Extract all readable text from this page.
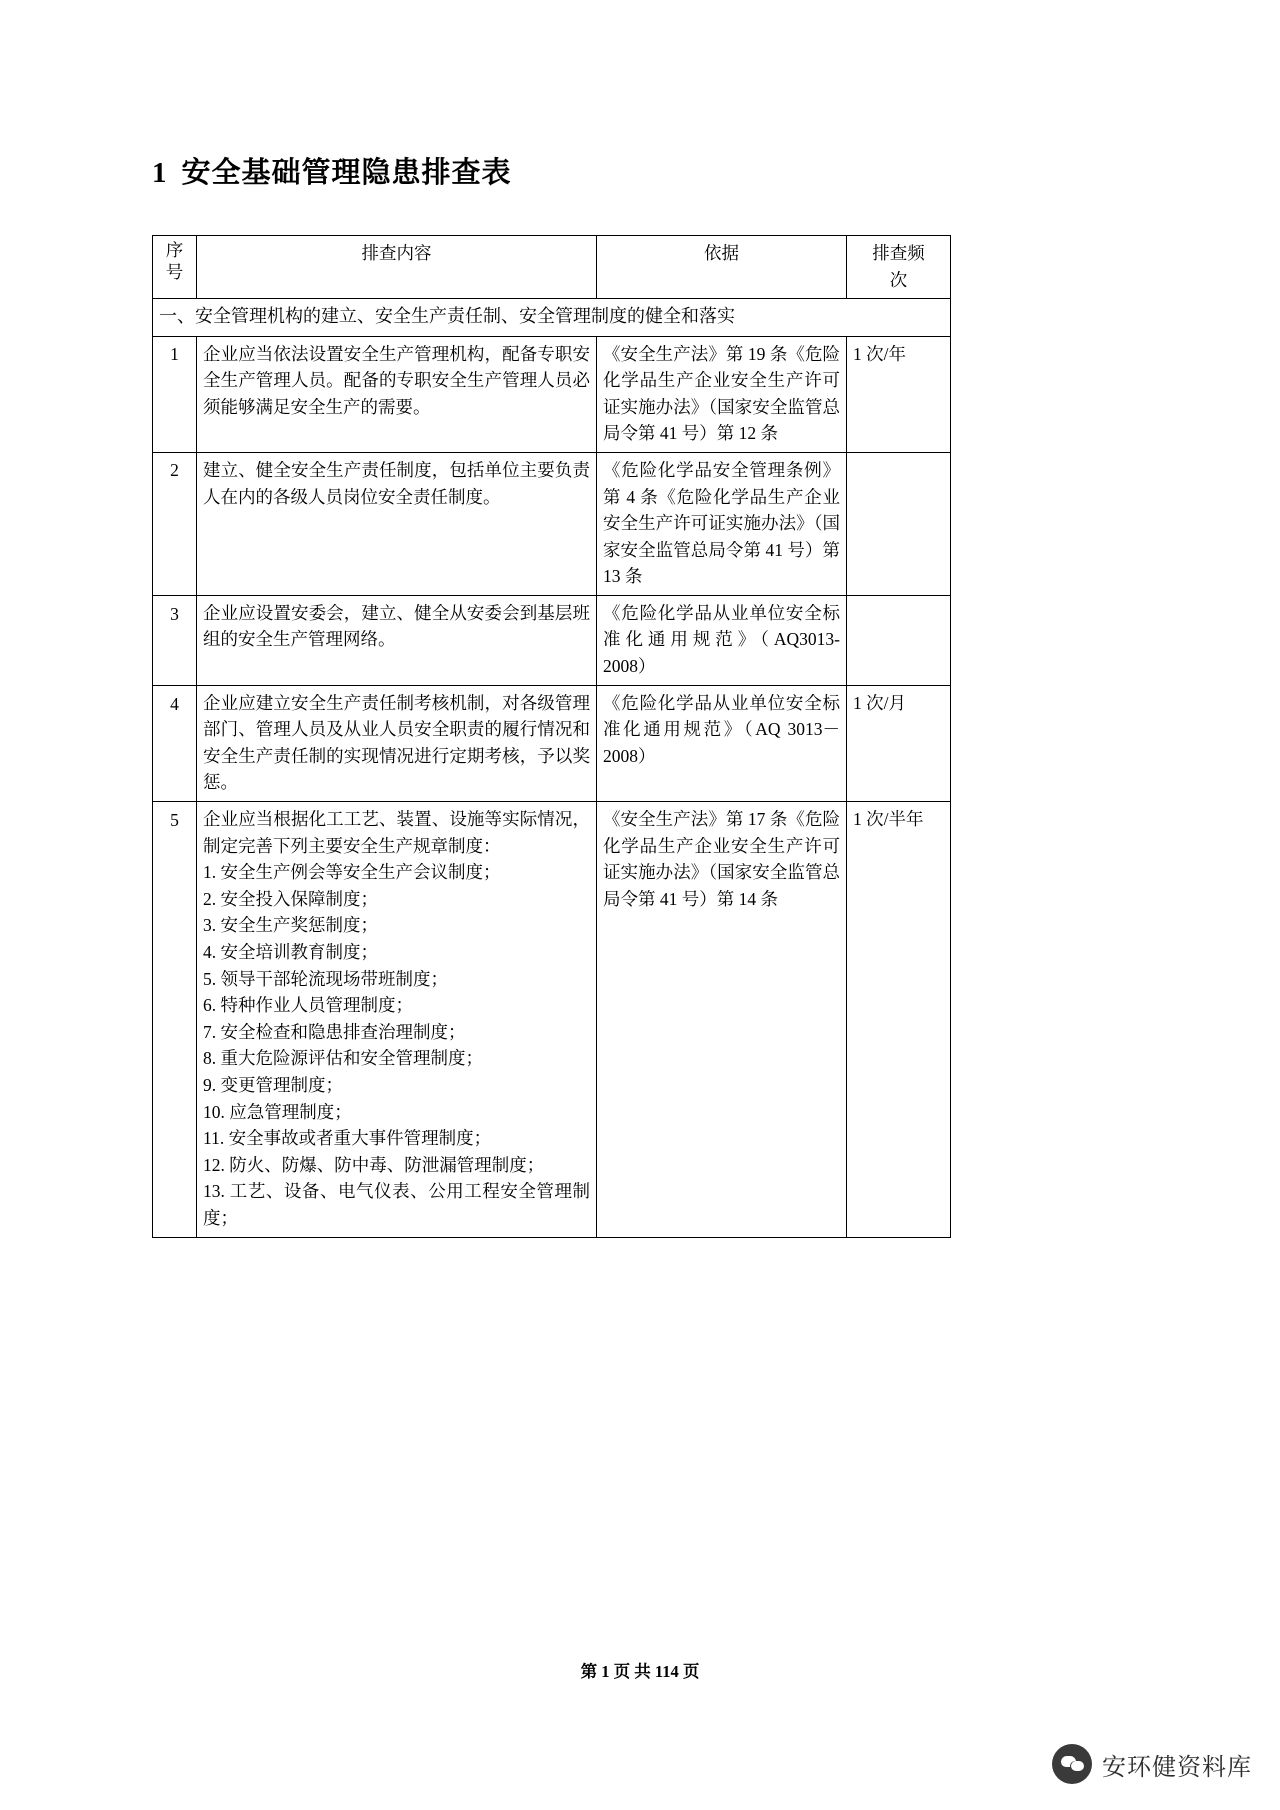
1 安全基础管理隐患排查表
序
号	排查内容	依据	排查频
次
一、安全管理机构的建立、安全生产责任制、安全管理制度的健全和落实			
1	企业应当依法设置安全生产管理机构，配备专职安全生产管理人员。配备的专职安全生产管理人员必须能够满足安全生产的需要。	《安全生产法》第 19 条《危险化学品生产企业安全生产许可证实施办法》（国家安全监管总局令第 41 号）第 12 条	1 次/年
2	建立、健全安全生产责任制度，包括单位主要负责人在内的各级人员岗位安全责任制度。	《危险化学品安全管理条例》第 4 条《危险化学品生产企业安全生产许可证实施办法》（国家安全监管总局令第 41 号）第 13 条	
3	企业应设置安委会，建立、健全从安委会到基层班组的安全生产管理网络。	《危险化学品从业单位安全标准化通用规范》（AQ3013-2008）	
4	企业应建立安全生产责任制考核机制，对各级管理部门、管理人员及从业人员安全职责的履行情况和安全生产责任制的实现情况进行定期考核，予以奖惩。	《危险化学品从业单位安全标准化通用规范》（AQ 3013－2008）	1 次/月
5	企业应当根据化工工艺、装置、设施等实际情况，制定完善下列主要安全生产规章制度：
1. 安全生产例会等安全生产会议制度；
2. 安全投入保障制度；
3. 安全生产奖惩制度；
4. 安全培训教育制度；
5. 领导干部轮流现场带班制度；
6. 特种作业人员管理制度；
7. 安全检查和隐患排查治理制度；
8. 重大危险源评估和安全管理制度；
9. 变更管理制度；
10. 应急管理制度；
11. 安全事故或者重大事件管理制度；
12. 防火、防爆、防中毒、防泄漏管理制度；
13. 工艺、设备、电气仪表、公用工程安全管理制度；
	《安全生产法》第 17 条《危险化学品生产企业安全生产许可证实施办法》（国家安全监管总局令第 41 号）第 14 条	1 次/半年
第 1 页 共 114 页
安环健资料库
